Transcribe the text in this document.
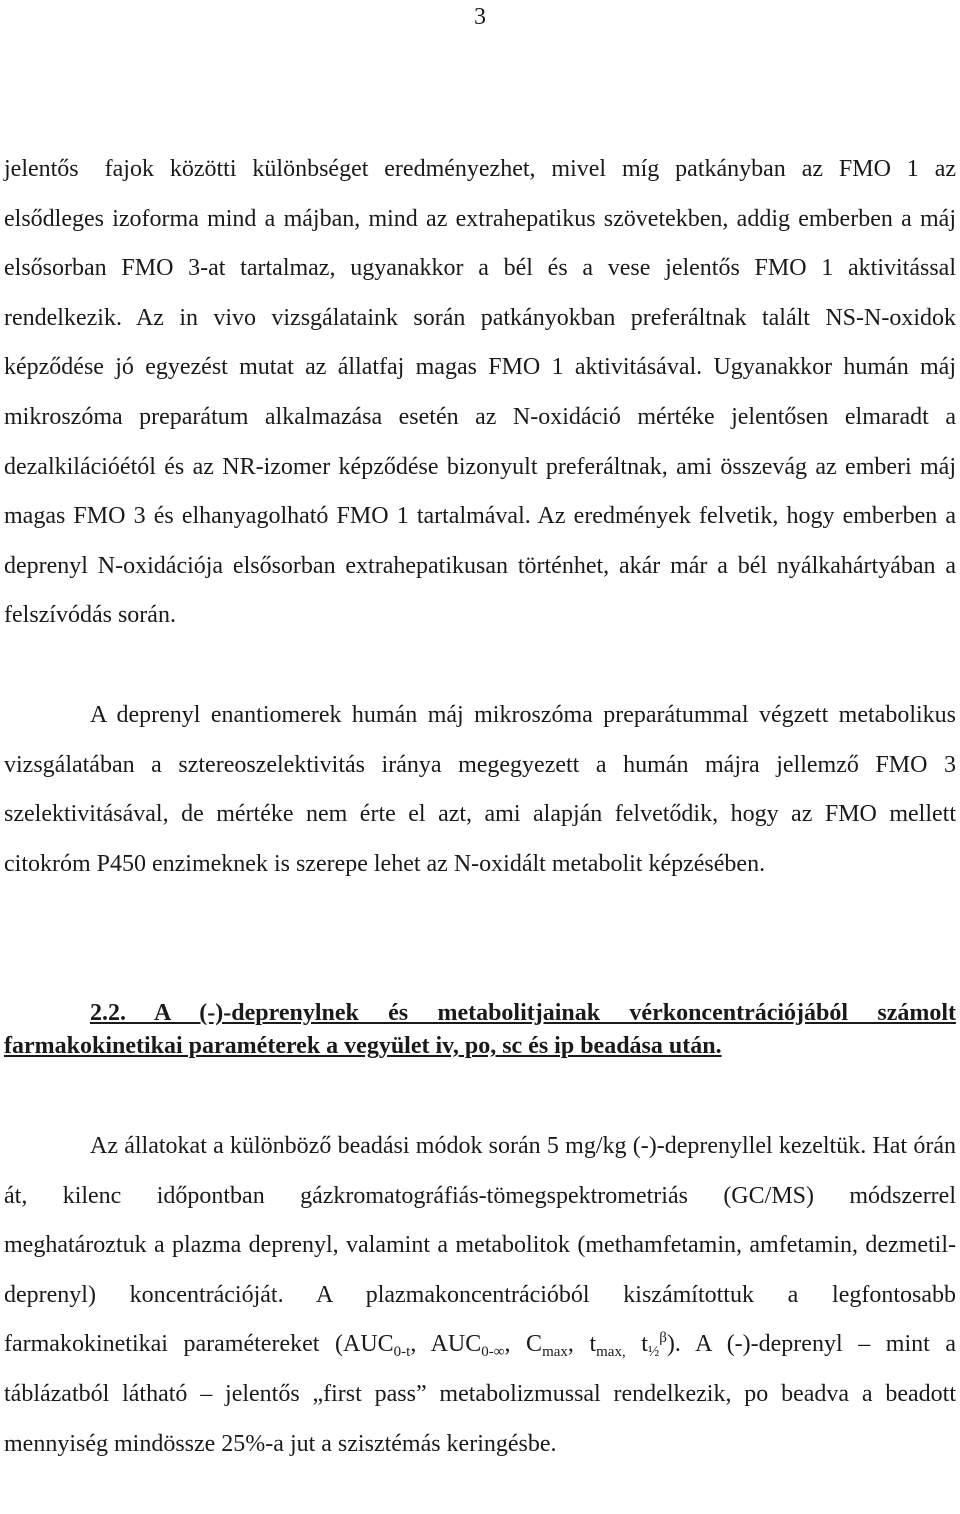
3

jelentős fajok közötti különbséget eredményezhet, mivel míg patkányban az FMO 1 az elsődleges izoforma mind a májban, mind az extrahepatikus szövetekben, addig emberben a máj elsősorban FMO 3-at tartalmaz, ugyanakkor a bél és a vese jelentős FMO 1 aktivitással rendelkezik. Az in vivo vizsgálataink során patkányokban preferáltnak talált NS-N-oxidok képződése jó egyezést mutat az állatfaj magas FMO 1 aktivitásával. Ugyanakkor humán máj mikroszóma preparátum alkalmazása esetén az N-oxidáció mértéke jelentősen elmaradt a dezalkilációétól és az NR-izomer képződése bizonyult preferáltnak, ami összevág az emberi máj magas FMO 3 és elhanyagolható FMO 1 tartalmával. Az eredmények felvetik, hogy emberben a deprenyl N-oxidációja elsősorban extrahepatikusan történhet, akár már a bél nyálkahártyában a felszívódás során.

A deprenyl enantiomerek humán máj mikroszóma preparátummal végzett metabolikus vizsgálatában a sztereoszelektivitás iránya megegyezett a humán májra jellemző FMO 3 szelektivitásával, de mértéke nem érte el azt, ami alapján felvetődik, hogy az FMO mellett citokróm P450 enzimeknek is szerepe lehet az N-oxidált metabolit képzésében.

2.2. A (-)-deprenylnek és metabolitjainak vérkoncentrációjából számolt farmakokinetikai paraméterek a vegyület iv, po, sc és ip beadása után.

Az állatokat a különböző beadási módok során 5 mg/kg (-)-deprenyllel kezeltük. Hat órán át, kilenc időpontban gázkromatográfiás-tömegspektrometriás (GC/MS) módszerrel meghatároztuk a plazma deprenyl, valamint a metabolitok (methamfetamin, amfetamin, dezmetil-deprenyl) koncentrációját. A plazmakoncentrációból kiszámítottuk a legfontosabb farmakokinetikai paramétereket ($AUC_{0-t}$, $AUC_{0-\infty}$, $C_{max}$, $t_{max,}$ $t_{\frac{1}{2}}^\beta$). A (-)-deprenyl – mint a táblázatból látható – jelentős „first pass” metabolizmussal rendelkezik, po beadva a beadott mennyiség mindössze 25%-a jut a szisztémás keringésbe.
